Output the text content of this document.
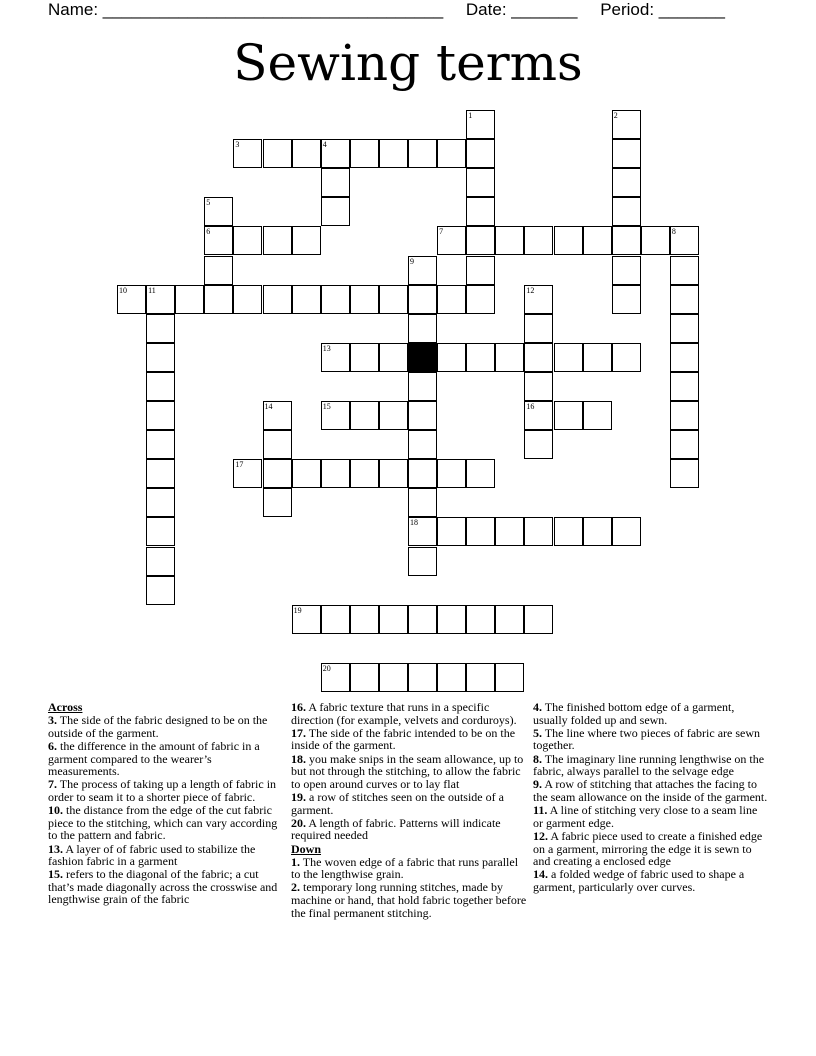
Name: ____________________________________ Date: _______ Period: _______
Sewing terms
1	2
3	4
5
6	7	8
9
18
10	11	12
16
13
14	15
17
19
20

Across

3. The side of the fabric designed to be on the outside of the garment.

6. the difference in the amount of fabric in a garment compared to the wearer’s measurements.

7. The process of taking up a length of fabric in order to seam it to a shorter piece of fabric.

10. the distance from the edge of the cut fabric piece to the stitching, which can vary according to the pattern and fabric.

13. A layer of of fabric used to stabilize the fashion fabric in a garment

15. refers to the diagonal of the fabric; a cut that’s made diagonally across the crosswise and lengthwise grain of the fabric

16. A fabric texture that runs in a specific direction (for example, velvets and corduroys).

17. The side of the fabric intended to be on the inside of the garment.

18. you make snips in the seam allowance, up to but not through the stitching, to allow the fabric to open around curves or to lay flat

19. a row of stitches seen on the outside of a garment.

20. A length of fabric. Patterns will indicate required needed

Down

1. The woven edge of a fabric that runs parallel to the lengthwise grain.

2. temporary long running stitches, made by machine or hand, that hold fabric together before the final permanent stitching.

4. The finished bottom edge of a garment, usually folded up and sewn.

5. The line where two pieces of fabric are sewn together.

8. The imaginary line running lengthwise on the fabric, always parallel to the selvage edge

9. A row of stitching that attaches the facing to the seam allowance on the inside of the garment.

11. A line of stitching very close to a seam line or garment edge.

12. A fabric piece used to create a finished edge on a garment, mirroring the edge it is sewn to and creating a enclosed edge

14. a folded wedge of fabric used to shape a garment, particularly over curves.
